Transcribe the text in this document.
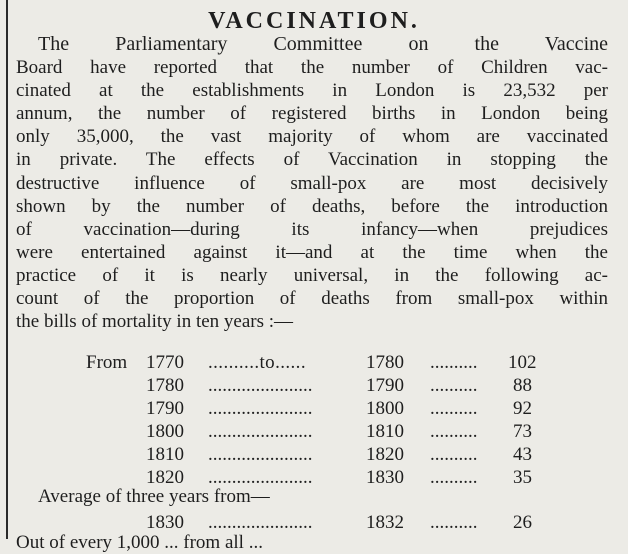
VACCINATION.
The Parliamentary Committee on the Vaccine
Board have reported that the number of Children vac-
cinated at the establishments in London is 23,532 per
annum, the number of registered births in London being
only 35,000, the vast majority of whom are vaccinated
in private. The effects of Vaccination in stopping the
destructive influence of small-pox are most decisively
shown by the number of deaths, before the introduction
of vaccination—during its infancy—when prejudices
were entertained against it—and at the time when the
practice of it is nearly universal, in the following ac-
count of the proportion of deaths from small-pox within
the bills of mortality in ten years :—
From 1770 ..........to......	1780 .......... 102
1780 ......................	1790 .......... 88
1790 ......................	1800 .......... 92
1800 ......................	1810 .......... 73
1810 ......................	1820 .......... 43
1820 ......................	1830 .......... 35
Average of three years from—
1830 ......................	1832 .......... 26
Out of every 1,000 ... from all ...
